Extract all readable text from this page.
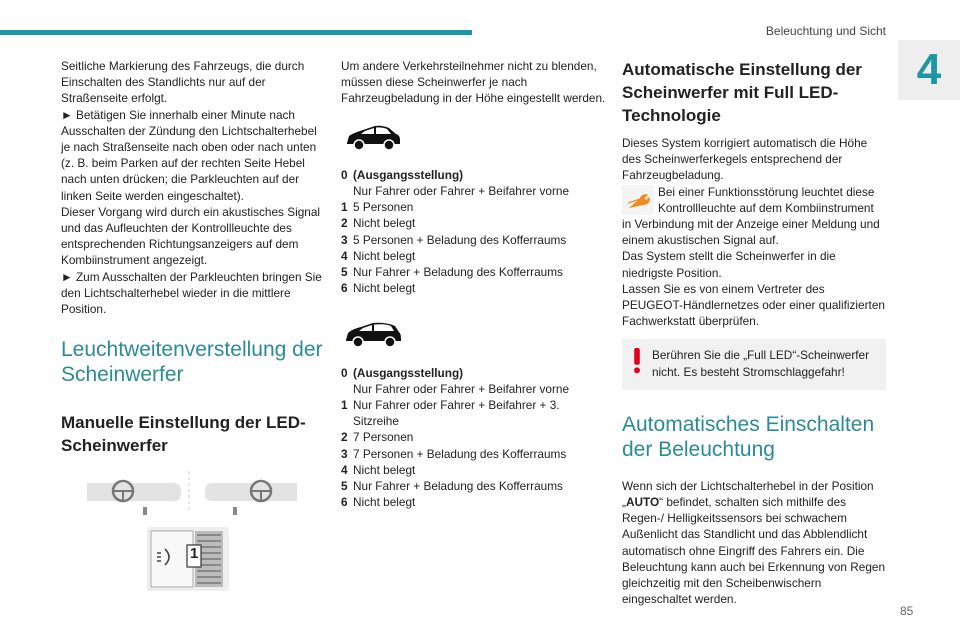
Beleuchtung und Sicht
4

Seitliche Markierung des Fahrzeugs, die durch Einschalten des Standlichts nur auf der Straßenseite erfolgt.

► Betätigen Sie innerhalb einer Minute nach Ausschalten der Zündung den Lichtschalterhebel je nach Straßenseite nach oben oder nach unten (z. B. beim Parken auf der rechten Seite Hebel nach unten drücken; die Parkleuchten auf der linken Seite werden eingeschaltet).

Dieser Vorgang wird durch ein akustisches Signal und das Aufleuchten der Kontrollleuchte des entsprechenden Richtungsanzeigers auf dem Kombiinstrument angezeigt.

► Zum Ausschalten der Parkleuchten bringen Sie den Lichtschalterhebel wieder in die mittlere Position.

Leuchtweitenverstellung der Scheinwerfer
Manuelle Einstellung der LED-Scheinwerfer
1

Um andere Verkehrsteilnehmer nicht zu blenden, müssen diese Scheinwerfer je nach Fahrzeugbeladung in der Höhe eingestellt werden.

0 (Ausgangsstellung)
Nur Fahrer oder Fahrer + Beifahrer vorne
1 5 Personen
2 Nicht belegt
3 5 Personen + Beladung des Kofferraums
4 Nicht belegt
5 Nur Fahrer + Beladung des Kofferraums
6 Nicht belegt
0 (Ausgangsstellung)
Nur Fahrer oder Fahrer + Beifahrer vorne
1 Nur Fahrer oder Fahrer + Beifahrer + 3. Sitzreihe
2 7 Personen
3 7 Personen + Beladung des Kofferraums
4 Nicht belegt
5 Nur Fahrer + Beladung des Kofferraums
6 Nicht belegt
Automatische Einstellung der Scheinwerfer mit Full LED-Technologie

Dieses System korrigiert automatisch die Höhe des Scheinwerferkegels entsprechend der Fahrzeugbeladung.

Bei einer Funktionsstörung leuchtet diese Kontrollleuchte auf dem Kombiinstrument in Verbindung mit der Anzeige einer Meldung und einem akustischen Signal auf.

Das System stellt die Scheinwerfer in die niedrigste Position.

Lassen Sie es von einem Vertreter des PEUGEOT-Händlernetzes oder einer qualifizierten Fachwerkstatt überprüfen.

Berühren Sie die „Full LED“-Scheinwerfer nicht. Es besteht Stromschlaggefahr!

Automatisches Einschalten der Beleuchtung

Wenn sich der Lichtschalterhebel in der Position „AUTO“ befindet, schalten sich mithilfe des Regen-/ Helligkeitssensors bei schwachem Außenlicht das Standlicht und das Abblendlicht automatisch ohne Eingriff des Fahrers ein. Die Beleuchtung kann auch bei Erkennung von Regen gleichzeitig mit den Scheibenwischern eingeschaltet werden.

85
